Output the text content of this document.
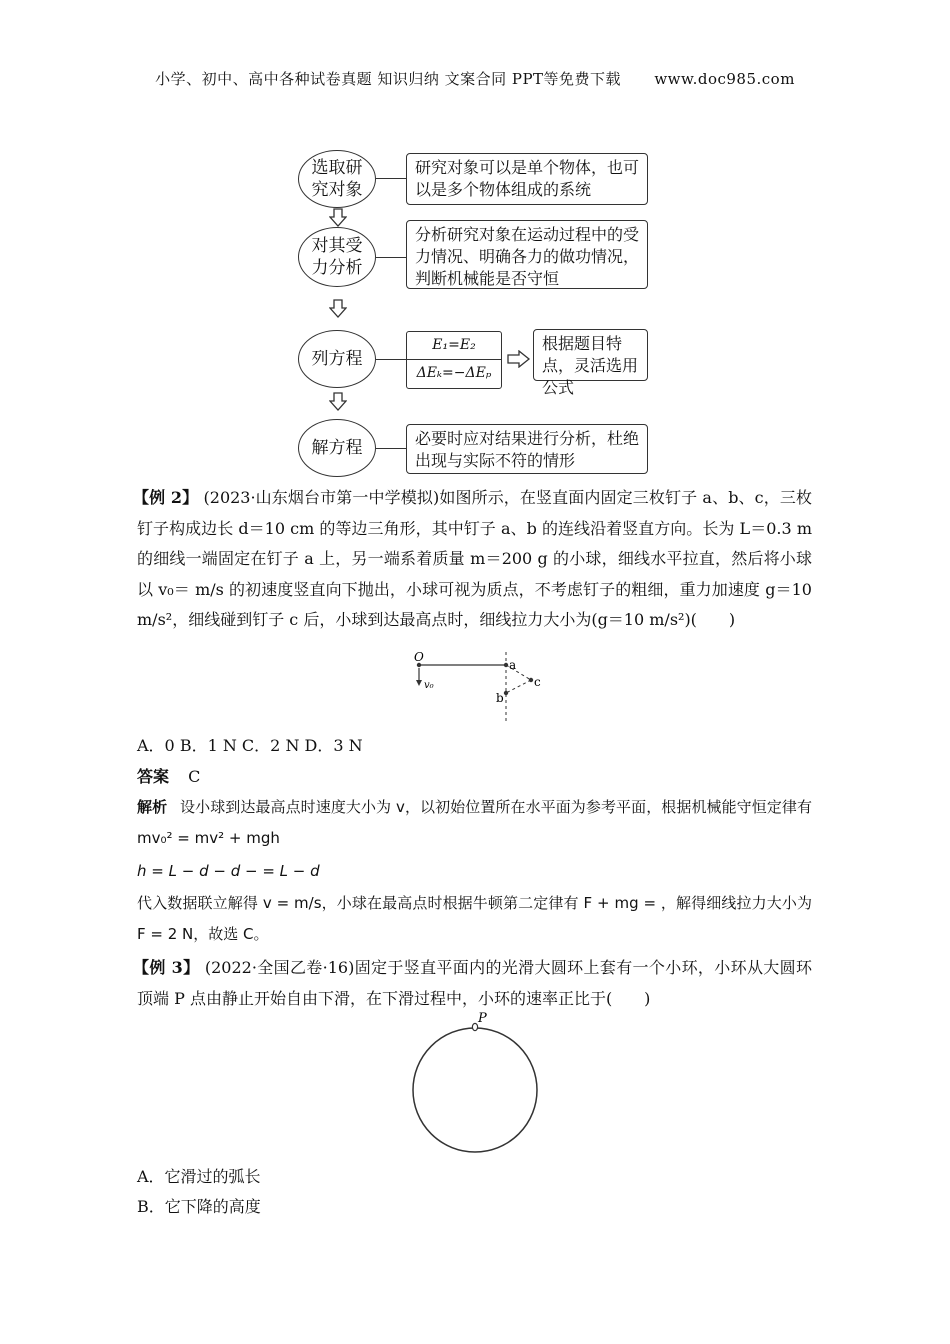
小学、初中、高中各种试卷真题 知识归纳 文案合同 PPT等免费下载 www.doc985.com
选取研
究对象
研究对象可以是单个物体，也可以是多个物体组成的系统
对其受
力分析
分析研究对象在运动过程中的受力情况、明确各力的做功情况，判断机械能是否守恒
列方程
E₁=E₂
ΔEₖ=−ΔEₚ
根据题目特点，灵活选用公式
解方程	必要时应对结果进行分析，杜绝出现与实际不符的情形
【例 2】 (2023·山东烟台市第一中学模拟)如图所示，在竖直面内固定三枚钉子 a、b、c，三枚钉子构成边长 d＝10 cm 的等边三角形，其中钉子 a、b 的连线沿着竖直方向。长为 L＝0.3 m 的细线一端固定在钉子 a 上，另一端系着质量 m＝200 g 的小球，细线水平拉直，然后将小球以 v₀＝ m/s 的初速度竖直向下抛出，小球可视为质点，不考虑钉子的粗细，重力加速度 g＝10 m/s²，细线碰到钉子 c 后，小球到达最高点时，细线拉力大小为(g＝10 m/s²)(　　)
O
a
b
c
v₀
A．0 B．1 N C．2 N D．3 N
答案 C
解析 设小球到达最高点时速度大小为 v，以初始位置所在水平面为参考平面，根据机械能守恒定律有 mv₀² = mv² + mgh
h = L − d − d − = L − d
代入数据联立解得 v = m/s，小球在最高点时根据牛顿第二定律有 F + mg = ，解得细线拉力大小为 F = 2 N，故选 C。
【例 3】 (2022·全国乙卷·16)固定于竖直平面内的光滑大圆环上套有一个小环，小环从大圆环顶端 P 点由静止开始自由下滑，在下滑过程中，小环的速率正比于(　　)
P
A．它滑过的弧长
B．它下降的高度
